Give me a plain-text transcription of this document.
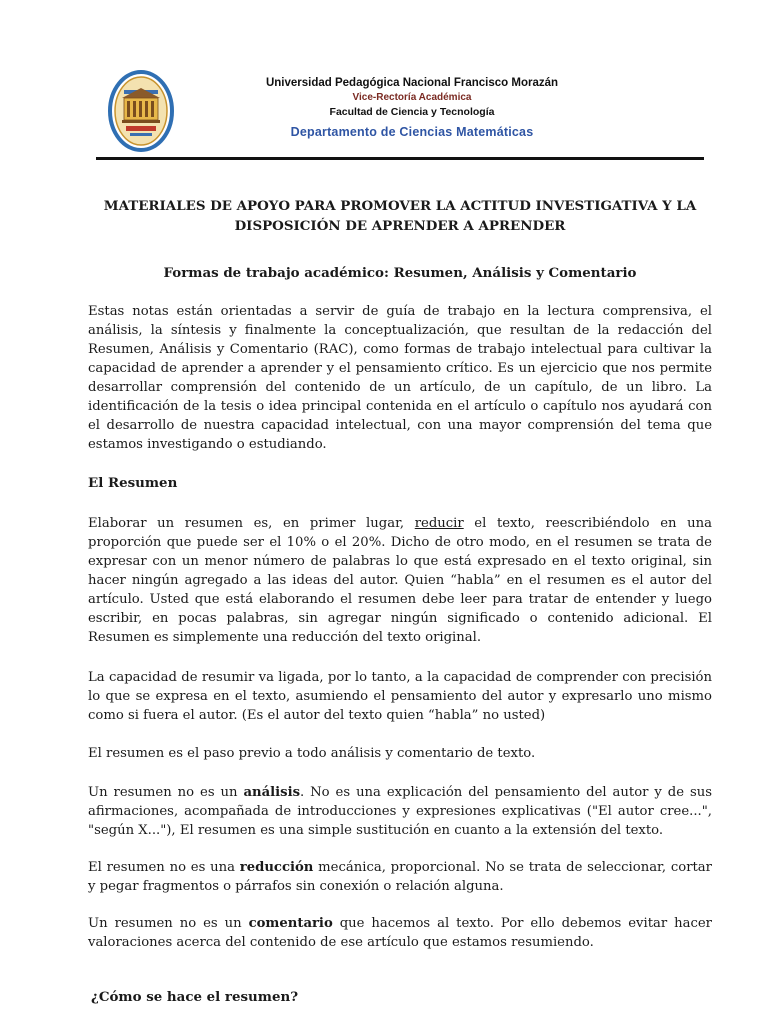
Universidad Pedagógica Nacional Francisco Morazán
Vice-Rectoría Académica
Facultad de Ciencia y Tecnología
Departamento de Ciencias Matemáticas
MATERIALES DE APOYO PARA PROMOVER LA ACTITUD INVESTIGATIVA Y LA DISPOSICIÓN DE APRENDER A APRENDER
Formas de trabajo académico: Resumen, Análisis y Comentario

Estas notas están orientadas a servir de guía de trabajo en la lectura comprensiva, el análisis, la síntesis y finalmente la conceptualización, que resultan de la redacción del Resumen, Análisis y Comentario (RAC), como formas de trabajo intelectual para cultivar la capacidad de aprender a aprender y el pensamiento crítico. Es un ejercicio que nos permite desarrollar comprensión del contenido de un artículo, de un capítulo, de un libro. La identificación de la tesis o idea principal contenida en el artículo o capítulo nos ayudará con el desarrollo de nuestra capacidad intelectual, con una mayor comprensión del tema que estamos investigando o estudiando.

El Resumen

Elaborar un resumen es, en primer lugar, reducir el texto, reescribiéndolo en una proporción que puede ser el 10% o el 20%. Dicho de otro modo, en el resumen se trata de expresar con un menor número de palabras lo que está expresado en el texto original, sin hacer ningún agregado a las ideas del autor. Quien “habla” en el resumen es el autor del artículo. Usted que está elaborando el resumen debe leer para tratar de entender y luego escribir, en pocas palabras, sin agregar ningún significado o contenido adicional. El Resumen es simplemente una reducción del texto original.

La capacidad de resumir va ligada, por lo tanto, a la capacidad de comprender con precisión lo que se expresa en el texto, asumiendo el pensamiento del autor y expresarlo uno mismo como si fuera el autor. (Es el autor del texto quien “habla” no usted)

El resumen es el paso previo a todo análisis y comentario de texto.

Un resumen no es un análisis. No es una explicación del pensamiento del autor y de sus afirmaciones, acompañada de introducciones y expresiones explicativas ("El autor cree...", "según X..."), El resumen es una simple sustitución en cuanto a la extensión del texto.

El resumen no es una reducción mecánica, proporcional. No se trata de seleccionar, cortar y pegar fragmentos o párrafos sin conexión o relación alguna.

Un resumen no es un comentario que hacemos al texto. Por ello debemos evitar hacer valoraciones acerca del contenido de ese artículo que estamos resumiendo.

¿Cómo se hace el resumen?
